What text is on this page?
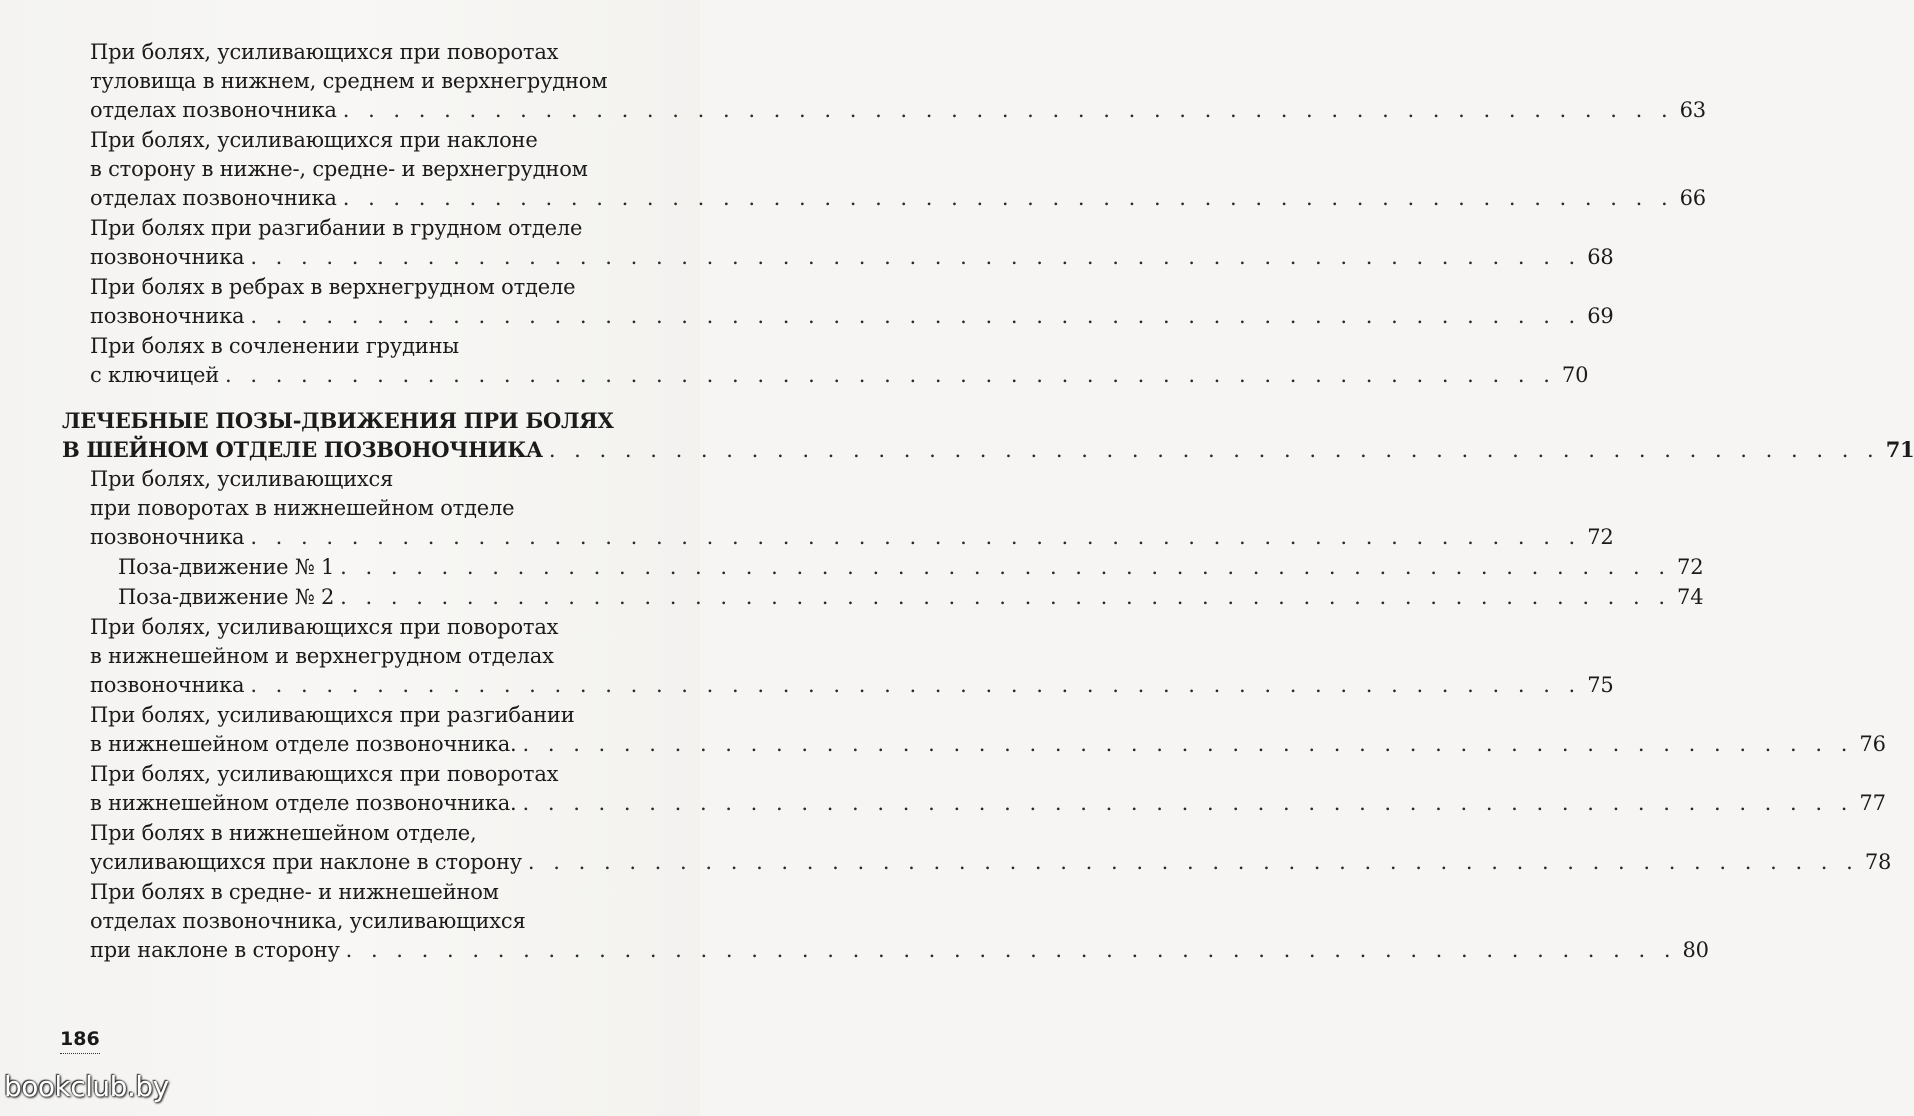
При болях, усиливающихся при поворотах
туловища в нижнем, среднем и верхнегрудном
отделах позвоночника . . . . . . . . . . . . . . . . . . . . . . . . . . . . . . . . . . . . . . . . . . . . . . . . . . . . . 63
При болях, усиливающихся при наклоне
в сторону в нижне-, средне- и верхнегрудном
отделах позвоночника . . . . . . . . . . . . . . . . . . . . . . . . . . . . . . . . . . . . . . . . . . . . . . . . . . . . . 66
При болях при разгибании в грудном отделе
позвоночника . . . . . . . . . . . . . . . . . . . . . . . . . . . . . . . . . . . . . . . . . . . . . . . . . . . . . 68
При болях в ребрах в верхнегрудном отделе
позвоночника . . . . . . . . . . . . . . . . . . . . . . . . . . . . . . . . . . . . . . . . . . . . . . . . . . . . . 69
При болях в сочленении грудины
с ключицей . . . . . . . . . . . . . . . . . . . . . . . . . . . . . . . . . . . . . . . . . . . . . . . . . . . . . 70
ЛЕЧЕБНЫЕ ПОЗЫ-ДВИЖЕНИЯ ПРИ БОЛЯХ
В ШЕЙНОМ ОТДЕЛЕ ПОЗВОНОЧНИКА . . . . . . . . . . . . . . . . . . . . . . . . . . . . . . . . . . . . . . . . . . . . . . . . . . . . . 71
При болях, усиливающихся
при поворотах в нижнешейном отделе
позвоночника . . . . . . . . . . . . . . . . . . . . . . . . . . . . . . . . . . . . . . . . . . . . . . . . . . . . . 72
Поза-движение № 1 . . . . . . . . . . . . . . . . . . . . . . . . . . . . . . . . . . . . . . . . . . . . . . . . . . . . . 72
Поза-движение № 2 . . . . . . . . . . . . . . . . . . . . . . . . . . . . . . . . . . . . . . . . . . . . . . . . . . . . . 74
При болях, усиливающихся при поворотах
в нижнешейном и верхнегрудном отделах
позвоночника . . . . . . . . . . . . . . . . . . . . . . . . . . . . . . . . . . . . . . . . . . . . . . . . . . . . . 75
При болях, усиливающихся при разгибании
в нижнешейном отделе позвоночника. . . . . . . . . . . . . . . . . . . . . . . . . . . . . . . . . . . . . . . . . . . . . . . . . . . . . . 76
При болях, усиливающихся при поворотах
в нижнешейном отделе позвоночника. . . . . . . . . . . . . . . . . . . . . . . . . . . . . . . . . . . . . . . . . . . . . . . . . . . . . . 77
При болях в нижнешейном отделе,
усиливающихся при наклоне в сторону . . . . . . . . . . . . . . . . . . . . . . . . . . . . . . . . . . . . . . . . . . . . . . . . . . . . . 78
При болях в средне- и нижнешейном
отделах позвоночника, усиливающихся
при наклоне в сторону . . . . . . . . . . . . . . . . . . . . . . . . . . . . . . . . . . . . . . . . . . . . . . . . . . . . . 80
186
bookclub.by
